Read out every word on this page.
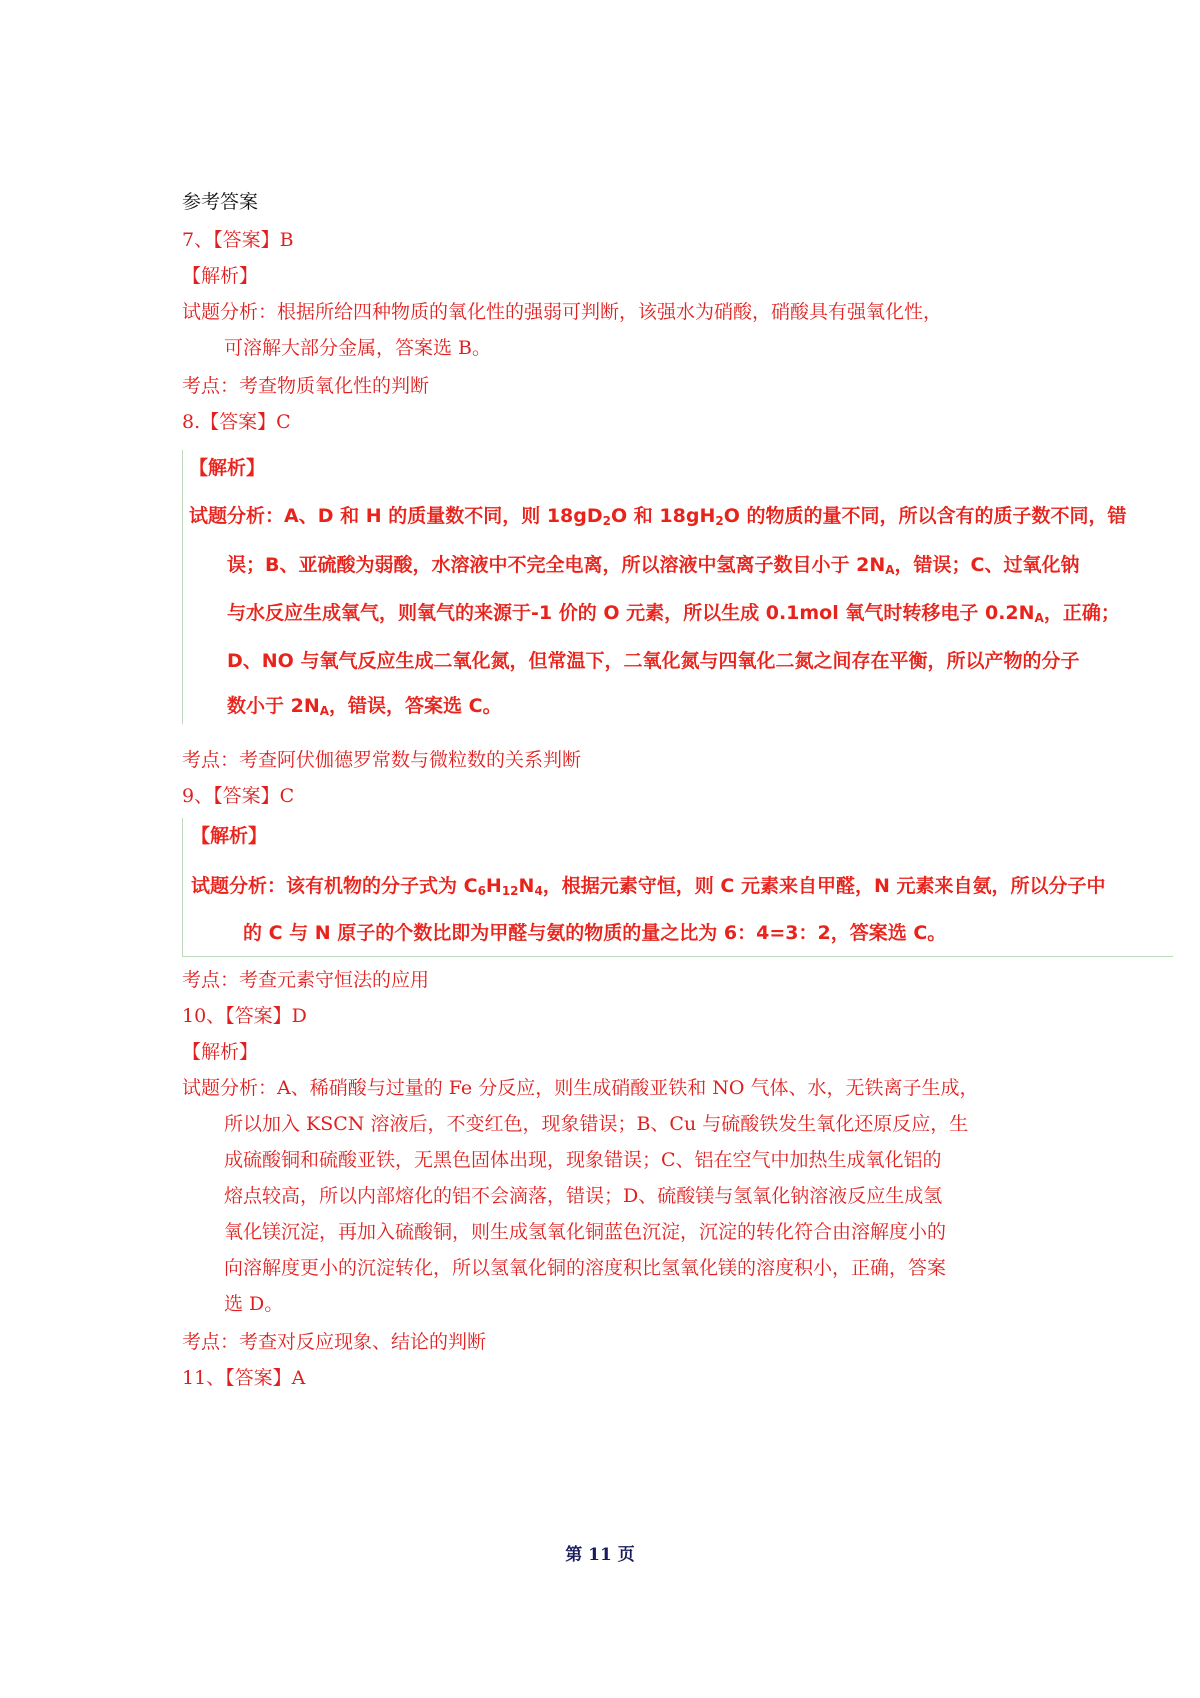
参考答案
7、【答案】B
【解析】
试题分析：根据所给四种物质的氧化性的强弱可判断，该强水为硝酸，硝酸具有强氧化性，
可溶解大部分金属，答案选 B。
考点：考查物质氧化性的判断
8.【答案】C
【解析】
试题分析：A、D 和 H 的质量数不同，则 $18gD_2O$ 和 $18gH_2O$ 的物质的量不同，所以含有的质子数不同，错
误；B、亚硫酸为弱酸，水溶液中不完全电离，所以溶液中氢离子数目小于 $2N_A$，错误；C、过氧化钠
与水反应生成氧气，则氧气的来源于-1 价的 O 元素，所以生成 0.1mol 氧气时转移电子 $0.2N_A$，正确；
D、NO 与氧气反应生成二氧化氮，但常温下，二氧化氮与四氧化二氮之间存在平衡，所以产物的分子
数小于 $2N_A$，错误，答案选 C。
考点：考查阿伏伽德罗常数与微粒数的关系判断
9、【答案】C
【解析】
试题分析：该有机物的分子式为 $C_6H_{12}N_4$，根据元素守恒，则 C 元素来自甲醛，N 元素来自氨，所以分子中
的 C 与 N 原子的个数比即为甲醛与氨的物质的量之比为 6：4=3：2，答案选 C。
考点：考查元素守恒法的应用
10、【答案】D
【解析】
试题分析：A、稀硝酸与过量的 Fe 分反应，则生成硝酸亚铁和 NO 气体、水，无铁离子生成，
所以加入 KSCN 溶液后，不变红色，现象错误；B、Cu 与硫酸铁发生氧化还原反应，生
成硫酸铜和硫酸亚铁，无黑色固体出现，现象错误；C、铝在空气中加热生成氧化铝的
熔点较高，所以内部熔化的铝不会滴落，错误；D、硫酸镁与氢氧化钠溶液反应生成氢
氧化镁沉淀，再加入硫酸铜，则生成氢氧化铜蓝色沉淀，沉淀的转化符合由溶解度小的
向溶解度更小的沉淀转化，所以氢氧化铜的溶度积比氢氧化镁的溶度积小，正确，答案
选 D。
考点：考查对反应现象、结论的判断
11、【答案】A
第 11 页
